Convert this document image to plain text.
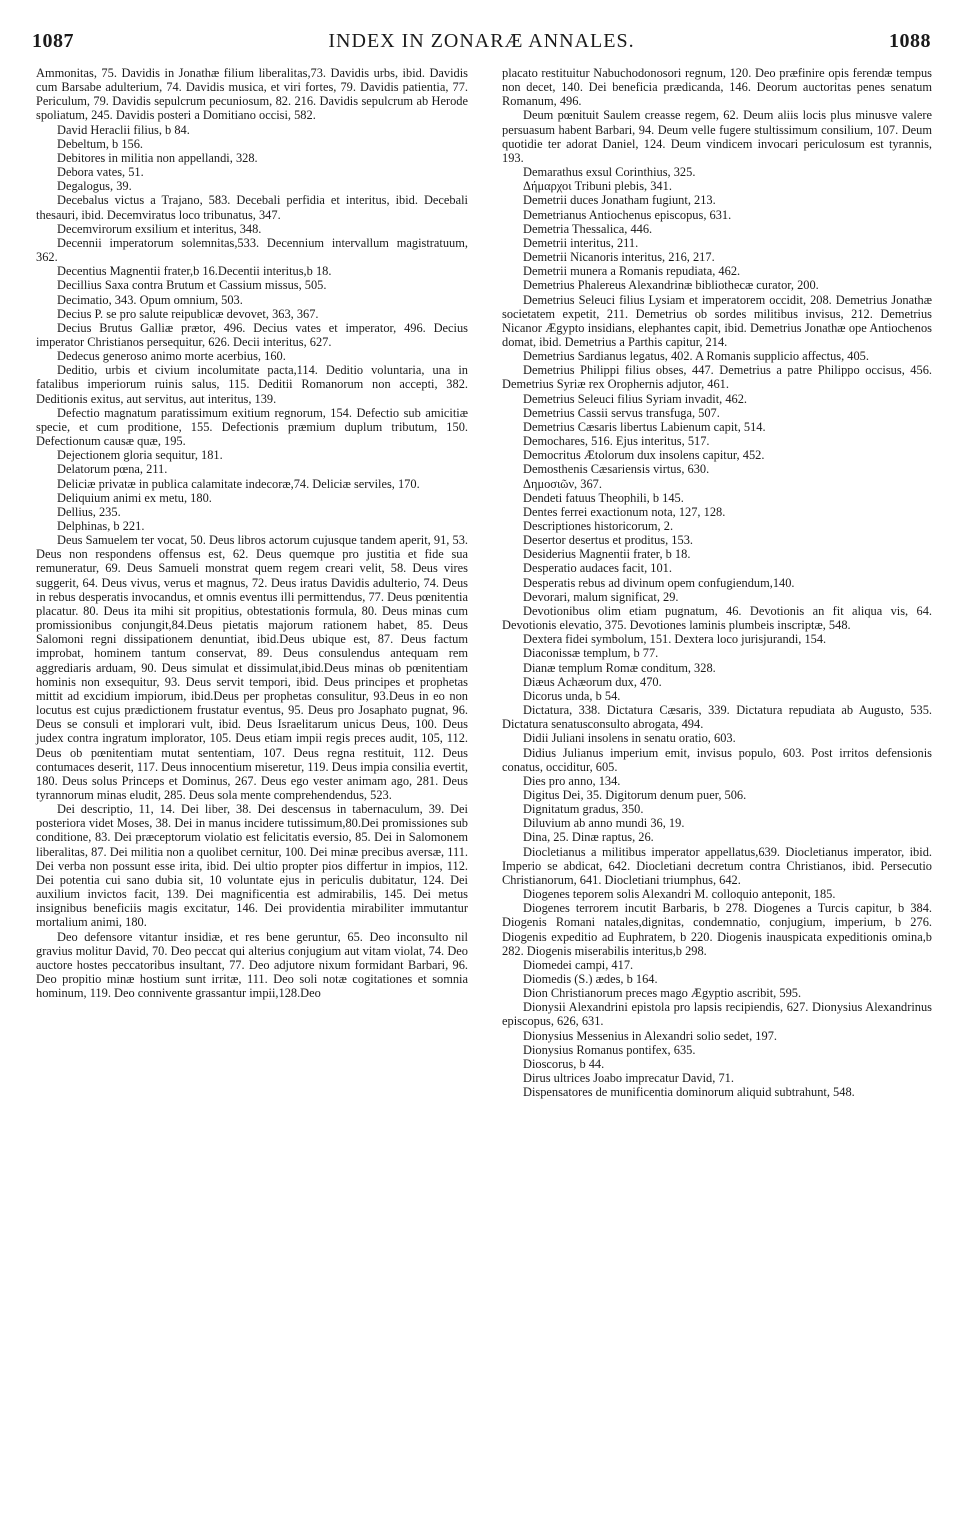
1087	INDEX IN ZONARÆ ANNALES.	1088

Ammonitas, 75. Davidis in Jonathæ filium liberalitas,73. Davidis urbs, ibid. Davidis cum Barsabe adulterium, 74. Davidis musica, et viri fortes, 79. Davidis patientia, 77. Periculum, 79. Davidis sepulcrum pecuniosum, 82. 216. Davidis sepulcrum ab Herode spoliatum, 245. Davidis posteri a Domitiano occisi, 582.

David Heraclii filius, b 84.

Debeltum, b 156.

Debitores in militia non appellandi, 328.

Debora vates, 51.

Degalogus, 39.

Decebalus victus a Trajano, 583. Decebali perfidia et interitus, ibid. Decebali thesauri, ibid. Decemviratus loco tribunatus, 347.

Decemvirorum exsilium et interitus, 348.

Decennii imperatorum solemnitas,533. Decennium intervallum magistratuum, 362.

Decentius Magnentii frater,b 16.Decentii interitus,b 18.

Decillius Saxa contra Brutum et Cassium missus, 505.

Decimatio, 343. Opum omnium, 503.

Decius P. se pro salute reipublicæ devovet, 363, 367.

Decius Brutus Galliæ prætor, 496. Decius vates et imperator, 496. Decius imperator Christianos persequitur, 626. Decii interitus, 627.

Dedecus generoso animo morte acerbius, 160.

Deditio, urbis et civium incolumitate pacta,114. Deditio voluntaria, una in fatalibus imperiorum ruinis salus, 115. Deditii Romanorum non accepti, 382. Deditionis exitus, aut servitus, aut interitus, 139.

Defectio magnatum paratissimum exitium regnorum, 154. Defectio sub amicitiæ specie, et cum proditione, 155. Defectionis præmium duplum tributum, 150. Defectionum causæ quæ, 195.

Dejectionem gloria sequitur, 181.

Delatorum pœna, 211.

Deliciæ privatæ in publica calamitate indecoræ,74. Deliciæ serviles, 170.

Deliquium animi ex metu, 180.

Dellius, 235.

Delphinas, b 221.

Deus Samuelem ter vocat, 50. Deus libros actorum cujusque tandem aperit, 91, 53. Deus non respondens offensus est, 62. Deus quemque pro justitia et fide sua remuneratur, 69. Deus Samueli monstrat quem regem creari velit, 58. Deus vires suggerit, 64. Deus vivus, verus et magnus, 72. Deus iratus Davidis adulterio, 74. Deus in rebus desperatis invocandus, et omnis eventus illi permittendus, 77. Deus pœnitentia placatur. 80. Deus ita mihi sit propitius, obtestationis formula, 80. Deus minas cum promissionibus conjungit,84.Deus pietatis majorum rationem habet, 85. Deus Salomoni regni dissipationem denuntiat, ibid.Deus ubique est, 87. Deus factum improbat, hominem tantum conservat, 89. Deus consulendus antequam rem aggrediaris arduam, 90. Deus simulat et dissimulat,ibid.Deus minas ob pœnitentiam hominis non exsequitur, 93. Deus servit tempori, ibid. Deus principes et prophetas mittit ad excidium impiorum, ibid.Deus per prophetas consulitur, 93.Deus in eo non locutus est cujus prædictionem frustatur eventus, 95. Deus pro Josaphato pugnat, 96. Deus se consuli et implorari vult, ibid. Deus Israelitarum unicus Deus, 100. Deus judex contra ingratum implorator, 105. Deus etiam impii regis preces audit, 105, 112. Deus ob pœnitentiam mutat sententiam, 107. Deus regna restituit, 112. Deus contumaces deserit, 117. Deus innocentium miseretur, 119. Deus impia consilia evertit, 180. Deus solus Princeps et Dominus, 267. Deus ego vester animam ago, 281. Deus tyrannorum minas eludit, 285. Deus sola mente comprehendendus, 523.

Dei descriptio, 11, 14. Dei liber, 38. Dei descensus in tabernaculum, 39. Dei posteriora videt Moses, 38. Dei in manus incidere tutissimum,80.Dei promissiones sub conditione, 83. Dei præceptorum violatio est felicitatis eversio, 85. Dei in Salomonem liberalitas, 87. Dei militia non a quolibet cernitur, 100. Dei minæ precibus aversæ, 111. Dei verba non possunt esse irita, ibid. Dei ultio propter pios differtur in impios, 112. Dei potentia cui sano dubia sit, 10 voluntate ejus in periculis dubitatur, 124. Dei auxilium invictos facit, 139. Dei magnificentia est admirabilis, 145. Dei metus insignibus beneficiis magis excitatur, 146. Dei providentia mirabiliter immutantur mortalium animi, 180.

Deo defensore vitantur insidiæ, et res bene geruntur, 65. Deo inconsulto nil gravius molitur David, 70. Deo peccat qui alterius conjugium aut vitam violat, 74. Deo auctore hostes peccatoribus insultant, 77. Deo adjutore nixum formidant Barbari, 96. Deo propitio minæ hostium sunt irritæ, 111. Deo soli notæ cogitationes et somnia hominum, 119. Deo connivente grassantur impii,128.Deo

placato restituitur Nabuchodonosori regnum, 120. Deo præfinire opis ferendæ tempus non decet, 140. Dei beneficia prædicanda, 146. Deorum auctoritas penes senatum Romanum, 496.

Deum pœnituit Saulem creasse regem, 62. Deum aliis locis plus minusve valere persuasum habent Barbari, 94. Deum velle fugere stultissimum consilium, 107. Deum quotidie ter adorat Daniel, 124. Deum vindicem invocari periculosum est tyrannis, 193.

Demarathus exsul Corinthius, 325.

Δήμαρχοι Tribuni plebis, 341.

Demetrii duces Jonatham fugiunt, 213.

Demetrianus Antiochenus episcopus, 631.

Demetria Thessalica, 446.

Demetrii interitus, 211.

Demetrii Nicanoris interitus, 216, 217.

Demetrii munera a Romanis repudiata, 462.

Demetrius Phalereus Alexandrinæ bibliothecæ curator, 200.

Demetrius Seleuci filius Lysiam et imperatorem occidit, 208. Demetrius Jonathæ societatem expetit, 211. Demetrius ob sordes militibus invisus, 212. Demetrius Nicanor Ægypto insidians, elephantes capit, ibid. Demetrius Jonathæ ope Antiochenos domat, ibid. Demetrius a Parthis capitur, 214.

Demetrius Sardianus legatus, 402. A Romanis supplicio affectus, 405.

Demetrius Philippi filius obses, 447. Demetrius a patre Philippo occisus, 456. Demetrius Syriæ rex Orophernis adjutor, 461.

Demetrius Seleuci filius Syriam invadit, 462.

Demetrius Cassii servus transfuga, 507.

Demetrius Cæsaris libertus Labienum capit, 514.

Demochares, 516. Ejus interitus, 517.

Democritus Ætolorum dux insolens capitur, 452.

Demosthenis Cæsariensis virtus, 630.

Δημοσιῶν, 367.

Dendeti fatuus Theophili, b 145.

Dentes ferrei exactionum nota, 127, 128.

Descriptiones historicorum, 2.

Desertor desertus et proditus, 153.

Desiderius Magnentii frater, b 18.

Desperatio audaces facit, 101.

Desperatis rebus ad divinum opem confugiendum,140.

Devorari, malum significat, 29.

Devotionibus olim etiam pugnatum, 46. Devotionis an fit aliqua vis, 64. Devotionis elevatio, 375. Devotiones laminis plumbeis inscriptæ, 548.

Dextera fidei symbolum, 151. Dextera loco jurisjurandi, 154.

Diaconissæ templum, b 77.

Dianæ templum Romæ conditum, 328.

Diæus Achæorum dux, 470.

Dicorus unda, b 54.

Dictatura, 338. Dictatura Cæsaris, 339. Dictatura repudiata ab Augusto, 535. Dictatura senatusconsulto abrogata, 494.

Didii Juliani insolens in senatu oratio, 603.

Didius Julianus imperium emit, invisus populo, 603. Post irritos defensionis conatus, occiditur, 605.

Dies pro anno, 134.

Digitus Dei, 35. Digitorum denum puer, 506.

Dignitatum gradus, 350.

Diluvium ab anno mundi 36, 19.

Dina, 25. Dinæ raptus, 26.

Diocletianus a militibus imperator appellatus,639. Diocletianus imperator, ibid. Imperio se abdicat, 642. Diocletiani decretum contra Christianos, ibid. Persecutio Christianorum, 641. Diocletiani triumphus, 642.

Diogenes teporem solis Alexandri M. colloquio anteponit, 185.

Diogenes terrorem incutit Barbaris, b 278. Diogenes a Turcis capitur, b 384. Diogenis Romani natales,dignitas, condemnatio, conjugium, imperium, b 276. Diogenis expeditio ad Euphratem, b 220. Diogenis inauspicata expeditionis omina,b 282. Diogenis miserabilis interitus,b 298.

Diomedei campi, 417.

Diomedis (S.) ædes, b 164.

Dion Christianorum preces mago Ægyptio ascribit, 595.

Dionysii Alexandrini epistola pro lapsis recipiendis, 627. Dionysius Alexandrinus episcopus, 626, 631.

Dionysius Messenius in Alexandri solio sedet, 197.

Dionysius Romanus pontifex, 635.

Dioscorus, b 44.

Dirus ultrices Joabo imprecatur David, 71.

Dispensatores de munificentia dominorum aliquid subtrahunt, 548.
